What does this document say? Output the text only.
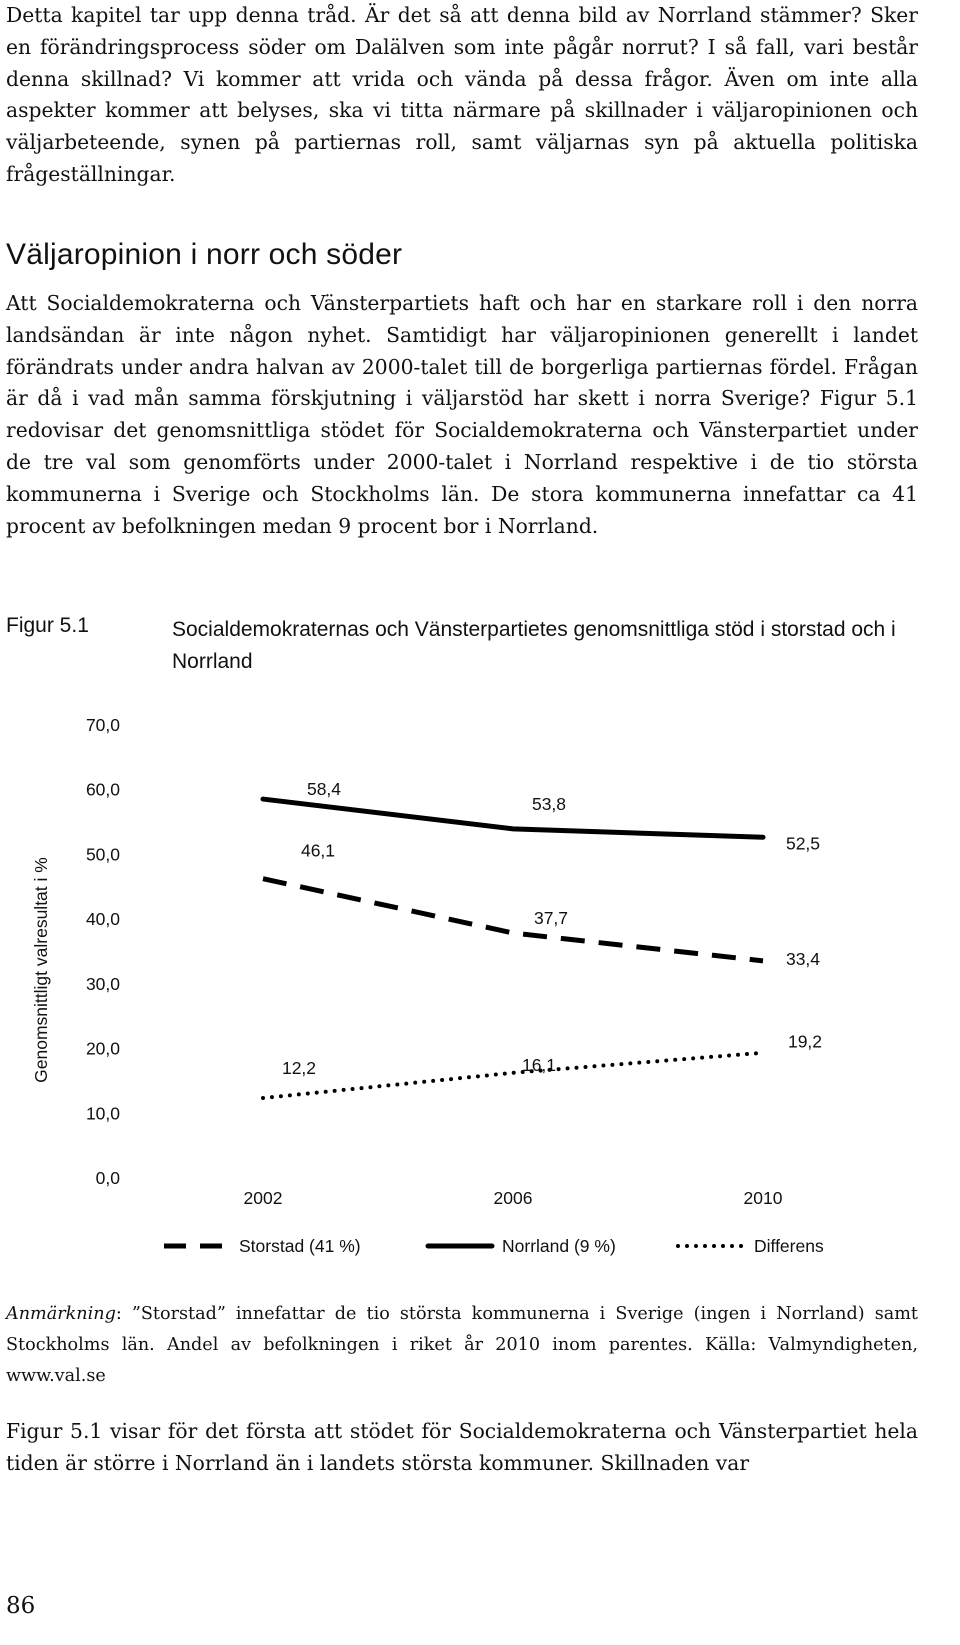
Detta kapitel tar upp denna tråd. Är det så att denna bild av Norrland stämmer? Sker en förändringsprocess söder om Dalälven som inte pågår norrut? I så fall, vari består denna skillnad? Vi kommer att vrida och vända på dessa frågor. Även om inte alla aspekter kommer att belyses, ska vi titta närmare på skillnader i väljaropinionen och väljarbeteende, synen på partiernas roll, samt väljarnas syn på aktuella politiska frågeställningar.

Väljaropinion i norr och söder

Att Socialdemokraterna och Vänsterpartiets haft och har en starkare roll i den norra landsändan är inte någon nyhet. Samtidigt har väljaropinionen generellt i landet förändrats under andra halvan av 2000-talet till de borgerliga partiernas fördel. Frågan är då i vad mån samma förskjutning i väljarstöd har skett i norra Sverige? Figur 5.1 redovisar det genomsnittliga stödet för Socialdemokraterna och Vänsterpartiet under de tre val som genomförts under 2000-talet i Norrland respektive i de tio största kommunerna i Sverige och Stockholms län. De stora kommunerna innefattar ca 41 procent av befolkningen medan 9 procent bor i Norrland.

Figur 5.1	Socialdemokraternas och Vänsterpartietes genomsnittliga stöd i storstad och i Norrland
Genomsnittligt valresultat i %
0,0
10,0
20,0
30,0
40,0
50,0
60,0
70,0
2002	2006	2010
46,1
37,7
33,4
58,4
53,8
52,5
12,2	16,1
19,2
Storstad (41 %)	Norrland (9 %)	Differens
Anmärkning: ”Storstad” innefattar de tio största kommunerna i Sverige (ingen i Norrland) samt Stockholms län. Andel av befolkningen i riket år 2010 inom parentes. Källa: Valmyndigheten, www.val.se

Figur 5.1 visar för det första att stödet för Socialdemokraterna och Vänsterpartiet hela tiden är större i Norrland än i landets största kommuner. Skillnaden var

86
